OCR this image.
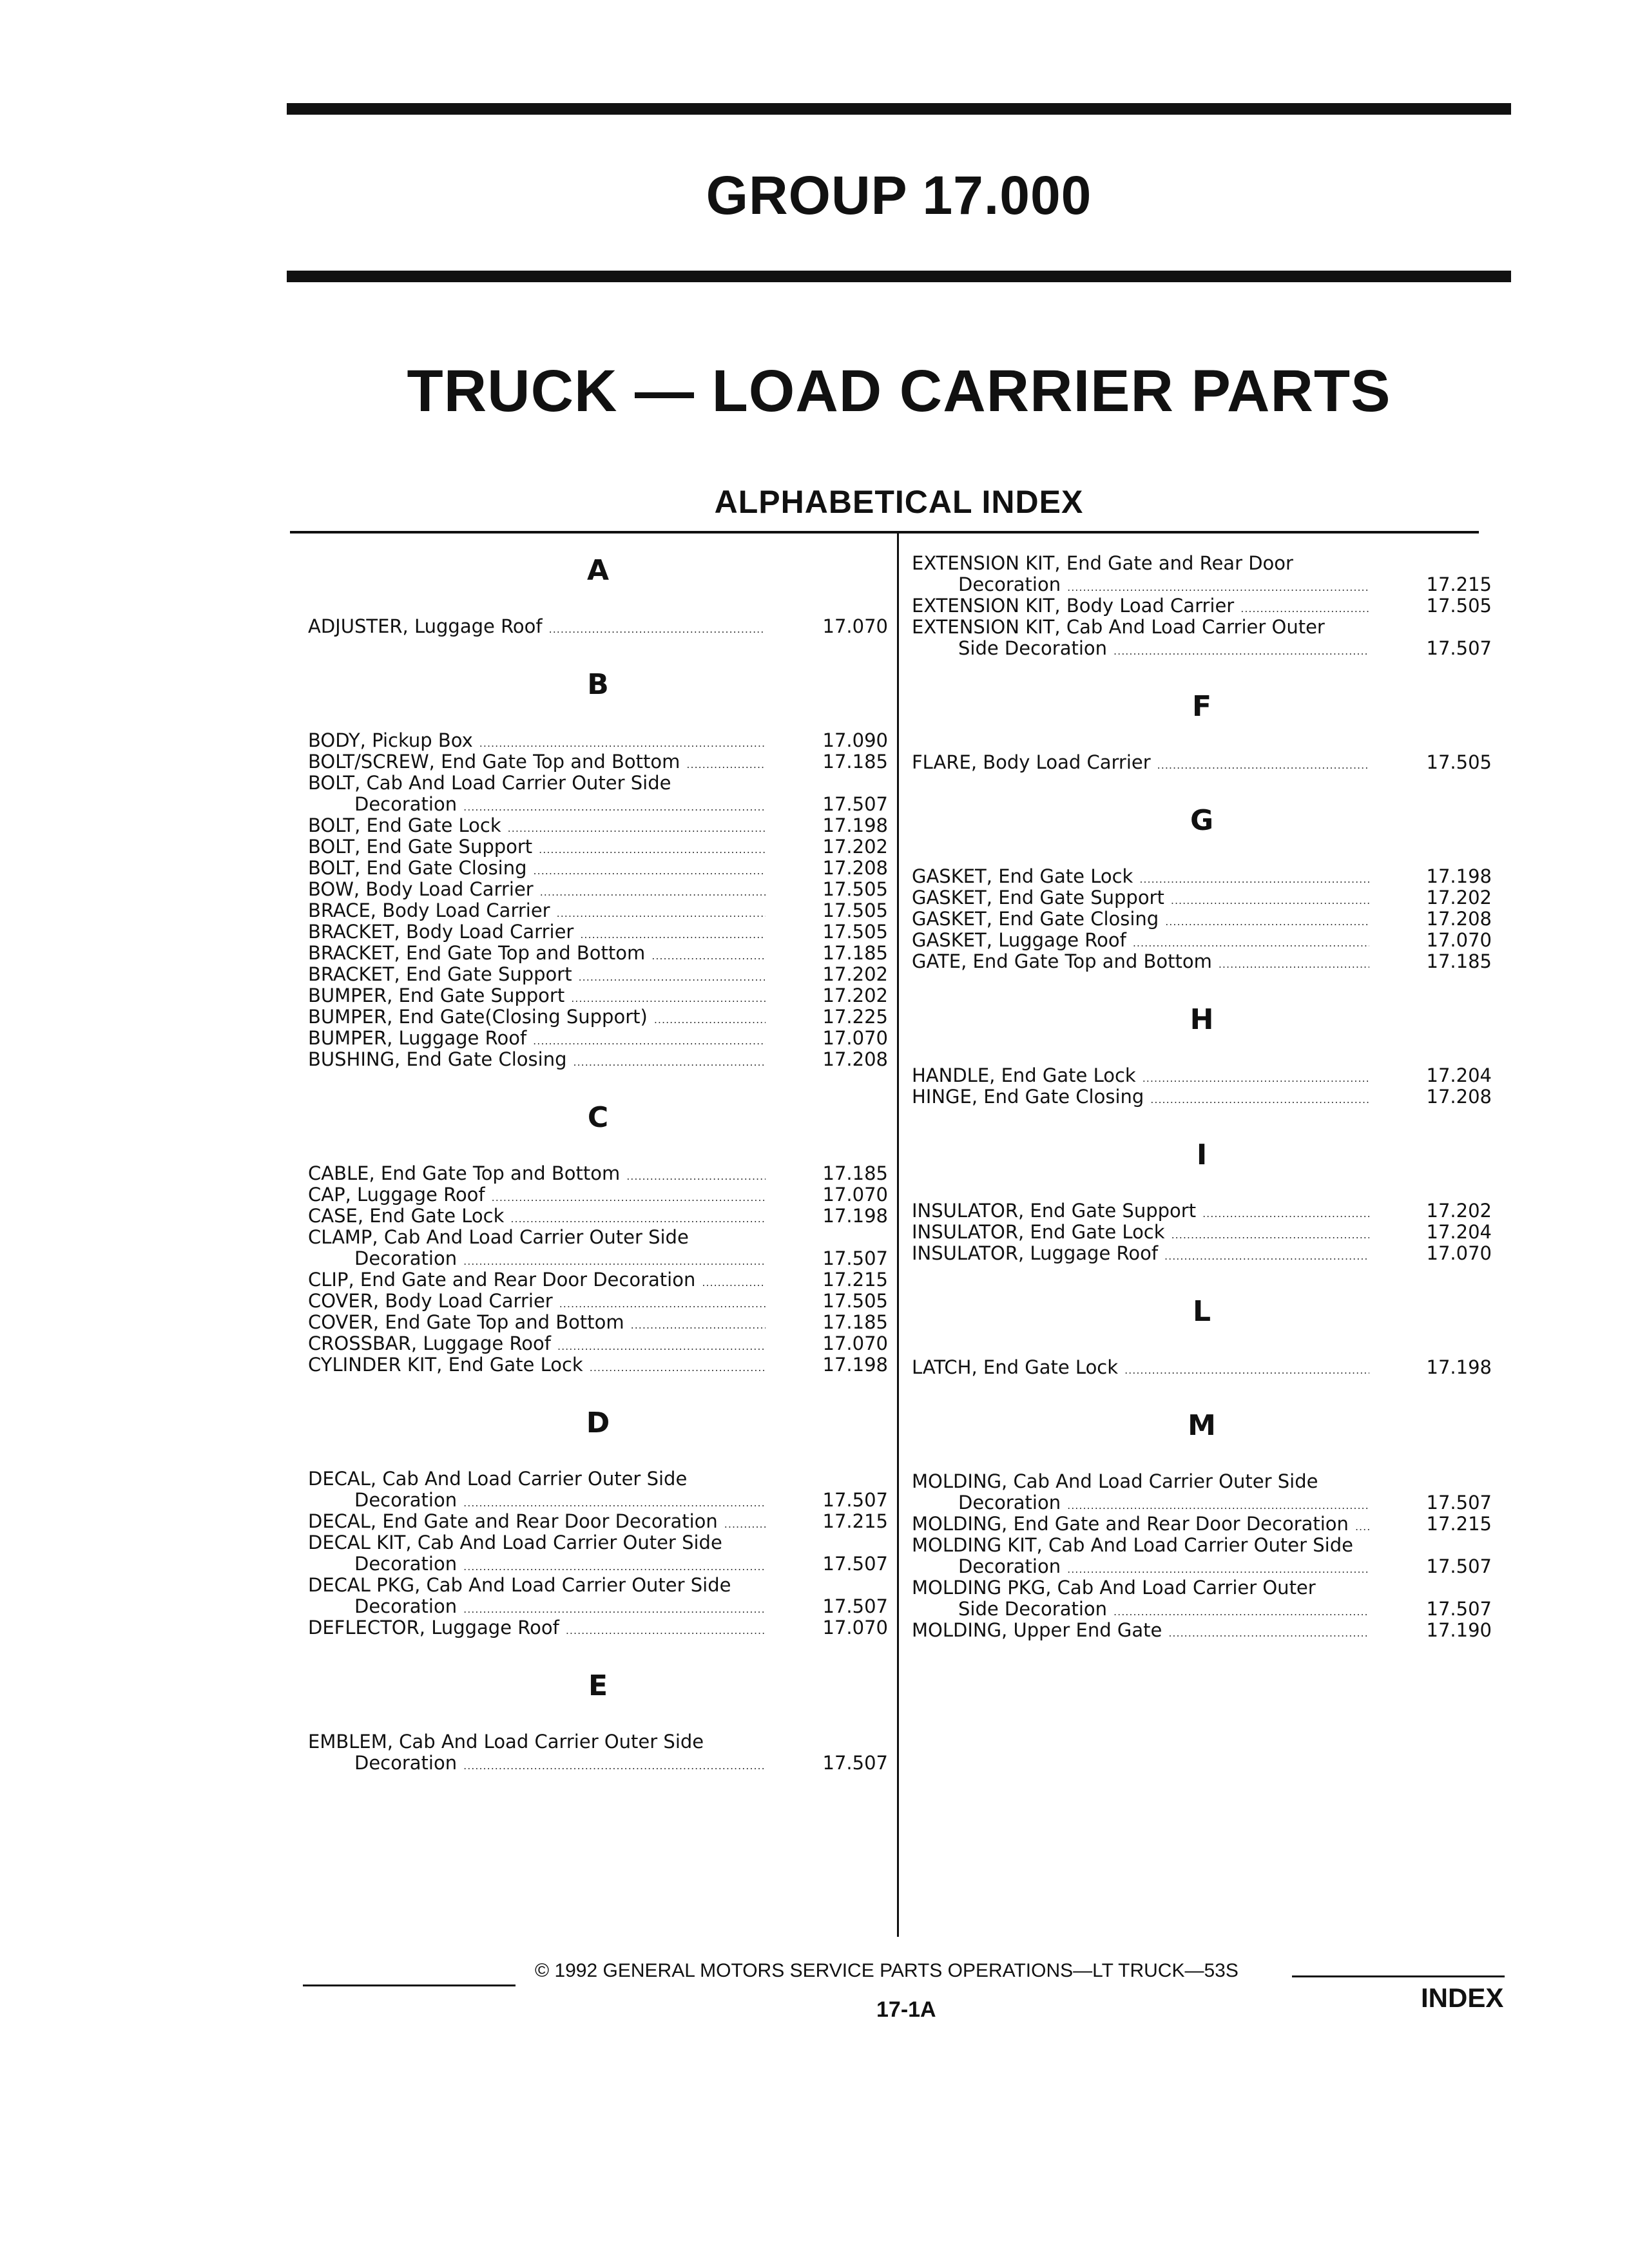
GROUP 17.000
TRUCK — LOAD CARRIER PARTS
ALPHABETICAL INDEX
A
ADJUSTER, Luggage Roof .....	17.070
B
BODY, Pickup Box .....	17.090
BOLT/SCREW, End Gate Top and Bottom .....	17.185
BOLT, Cab And Load Carrier Outer Side
Decoration .....	17.507
BOLT, End Gate Lock .....	17.198
BOLT, End Gate Support .....	17.202
BOLT, End Gate Closing .....	17.208
BOW, Body Load Carrier .....	17.505
BRACE, Body Load Carrier .....	17.505
BRACKET, Body Load Carrier .....	17.505
BRACKET, End Gate Top and Bottom .....	17.185
BRACKET, End Gate Support .....	17.202
BUMPER, End Gate Support .....	17.202
BUMPER, End Gate(Closing Support) .....	17.225
BUMPER, Luggage Roof .....	17.070
BUSHING, End Gate Closing .....	17.208
C
CABLE, End Gate Top and Bottom .....	17.185
CAP, Luggage Roof .....	17.070
CASE, End Gate Lock .....	17.198
CLAMP, Cab And Load Carrier Outer Side
Decoration .....	17.507
CLIP, End Gate and Rear Door Decoration .....	17.215
COVER, Body Load Carrier .....	17.505
COVER, End Gate Top and Bottom .....	17.185
CROSSBAR, Luggage Roof .....	17.070
CYLINDER KIT, End Gate Lock .....	17.198
D
DECAL, Cab And Load Carrier Outer Side
Decoration .....	17.507
DECAL, End Gate and Rear Door Decoration .....	17.215
DECAL KIT, Cab And Load Carrier Outer Side
Decoration .....	17.507
DECAL PKG, Cab And Load Carrier Outer Side
Decoration .....	17.507
DEFLECTOR, Luggage Roof .....	17.070
E
EMBLEM, Cab And Load Carrier Outer Side
Decoration .....	17.507
EXTENSION KIT, End Gate and Rear Door
Decoration .....	17.215
EXTENSION KIT, Body Load Carrier .....	17.505
EXTENSION KIT, Cab And Load Carrier Outer
Side Decoration .....	17.507
F
FLARE, Body Load Carrier .....	17.505
G
GASKET, End Gate Lock .....	17.198
GASKET, End Gate Support .....	17.202
GASKET, End Gate Closing .....	17.208
GASKET, Luggage Roof .....	17.070
GATE, End Gate Top and Bottom .....	17.185
H
HANDLE, End Gate Lock .....	17.204
HINGE, End Gate Closing .....	17.208
I
INSULATOR, End Gate Support .....	17.202
INSULATOR, End Gate Lock .....	17.204
INSULATOR, Luggage Roof .....	17.070
L
LATCH, End Gate Lock .....	17.198
M
MOLDING, Cab And Load Carrier Outer Side
Decoration .....	17.507
MOLDING, End Gate and Rear Door Decoration .....	17.215
MOLDING KIT, Cab And Load Carrier Outer Side
Decoration .....	17.507
MOLDING PKG, Cab And Load Carrier Outer
Side Decoration .....	17.507
MOLDING, Upper End Gate .....	17.190
© 1992 GENERAL MOTORS SERVICE PARTS OPERATIONS—LT TRUCK—53S
17-1A	INDEX
